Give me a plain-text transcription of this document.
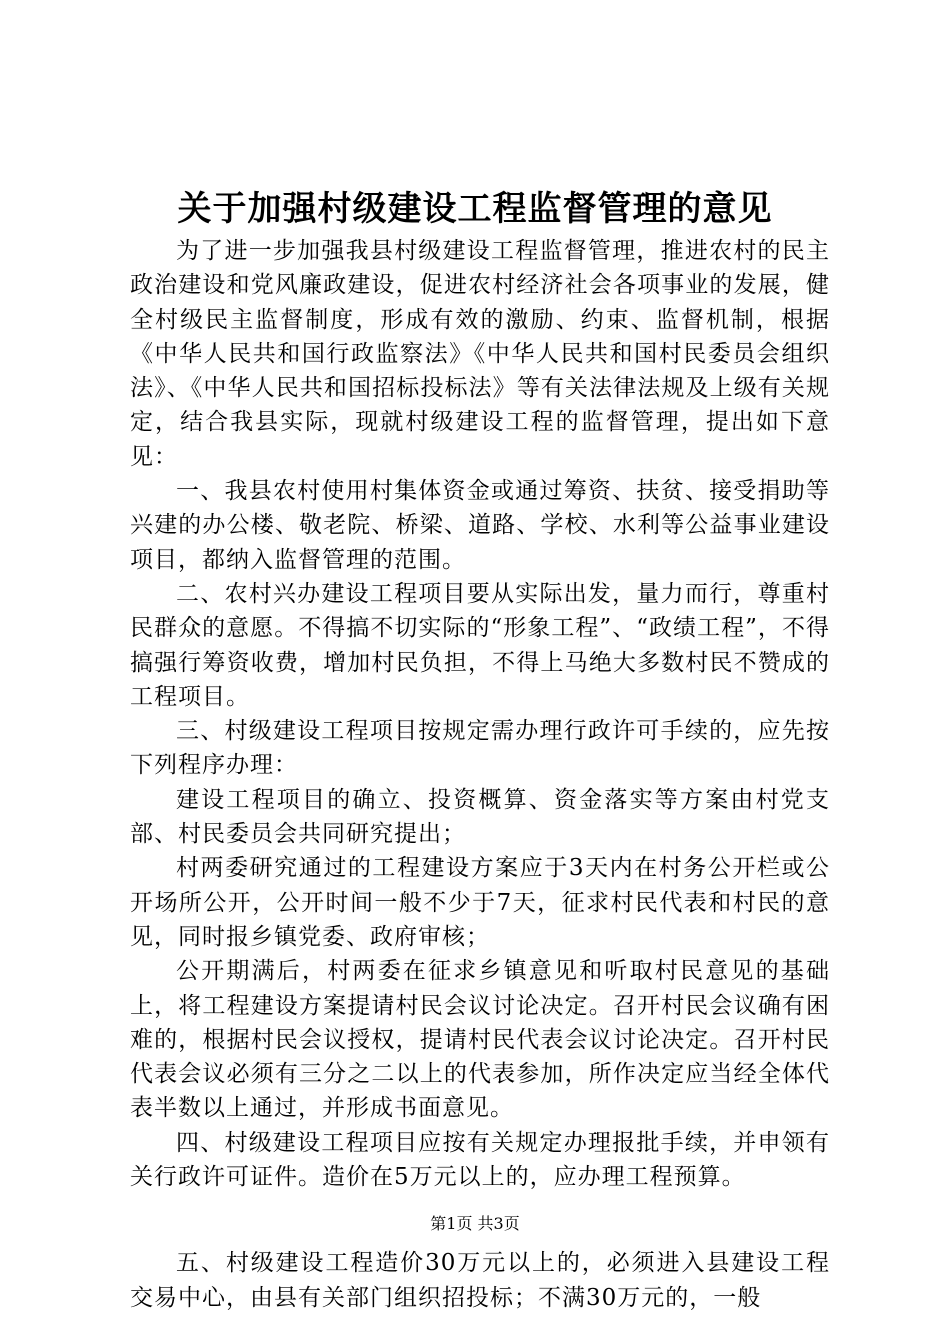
关于加强村级建设工程监督管理的意见

为了进一步加强我县村级建设工程监督管理，推进农村的民主政治建设和党风廉政建设，促进农村经济社会各项事业的发展，健全村级民主监督制度，形成有效的激励、约束、监督机制，根据《中华人民共和国行政监察法》《中华人民共和国村民委员会组织法》、《中华人民共和国招标投标法》等有关法律法规及上级有关规定，结合我县实际，现就村级建设工程的监督管理，提出如下意见：

一、我县农村使用村集体资金或通过筹资、扶贫、接受捐助等兴建的办公楼、敬老院、桥梁、道路、学校、水利等公益事业建设项目，都纳入监督管理的范围。

二、农村兴办建设工程项目要从实际出发，量力而行，尊重村民群众的意愿。不得搞不切实际的“形象工程”、“政绩工程”，不得搞强行筹资收费，增加村民负担，不得上马绝大多数村民不赞成的工程项目。

三、村级建设工程项目按规定需办理行政许可手续的，应先按下列程序办理：

建设工程项目的确立、投资概算、资金落实等方案由村党支部、村民委员会共同研究提出；

村两委研究通过的工程建设方案应于3天内在村务公开栏或公开场所公开，公开时间一般不少于7天，征求村民代表和村民的意见，同时报乡镇党委、政府审核；

公开期满后，村两委在征求乡镇意见和听取村民意见的基础上，将工程建设方案提请村民会议讨论决定。召开村民会议确有困难的，根据村民会议授权，提请村民代表会议讨论决定。召开村民代表会议必须有三分之二以上的代表参加，所作决定应当经全体代表半数以上通过，并形成书面意见。

四、村级建设工程项目应按有关规定办理报批手续，并申领有关行政许可证件。造价在5万元以上的，应办理工程预算。

五、村级建设工程造价30万元以上的，必须进入县建设工程交易中心，由县有关部门组织招投标；不满30万元的，一般

第1页 共3页
